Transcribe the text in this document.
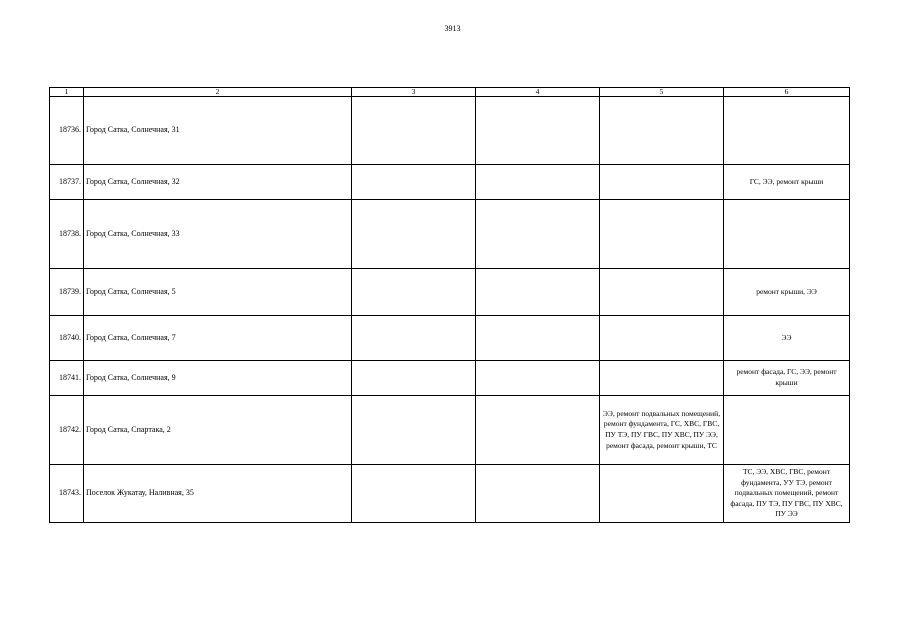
3913
1	2	3	4	5	6
18736.	Город Сатка, Солнечная, 31				
18737.	Город Сатка, Солнечная, 32				ГС, ЭЭ, ремонт крыши
18738.	Город Сатка, Солнечная, 33				
18739.	Город Сатка, Солнечная, 5				ремонт крыши, ЭЭ
18740.	Город Сатка, Солнечная, 7				ЭЭ
18741.	Город Сатка, Солнечная, 9				ремонт фасада, ГС, ЭЭ, ремонт крыши
18742.	Город Сатка, Спартака, 2			ЭЭ, ремонт подвальных помещений, ремонт фундамента, ГС, ХВС, ГВС, ПУ ТЭ, ПУ ГВС, ПУ ХВС, ПУ ЭЭ, ремонт фасада, ремонт крыши, ТС	
18743.	Поселок Жукатау, Наливная, 35				ТС, ЭЭ, ХВС, ГВС, ремонт фундамента, УУ ТЭ, ремонт подвальных помещений, ремонт фасада, ПУ ТЭ, ПУ ГВС, ПУ ХВС, ПУ ЭЭ
